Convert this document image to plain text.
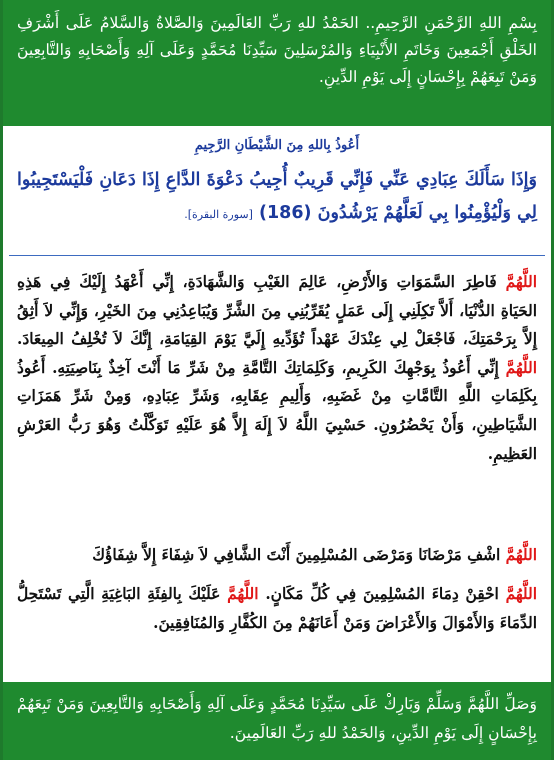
بِسْمِ اللهِ الرَّحْمَنِ الرَّحِيمِ.. الحَمْدُ للهِ رَبِّ العَالَمِينَ وَالصَّلاةُ وَالسَّلامُ عَلَى أَشْرَفِ الخَلْقِ أَجْمَعِينَ وَخَاتَمِ الأَنْبِيَاءِ وَالمُرْسَلِينَ سَيِّدِنَا مُحَمَّدٍ وَعَلَى آلِهِ وَأَصْحَابِهِ وَالتَّابِعِينَ وَمَنْ تَبِعَهُمْ بِإِحْسَانٍ إِلَى يَوْمِ الدِّينِ.
أَعُوذُ بِاللهِ مِنَ الشَّيْطَانِ الرَّجِيمِ
وَإِذَا سَأَلَكَ عِبَادِي عَنِّي فَإِنِّي قَرِيبٌ أُجِيبُ دَعْوَةَ الدَّاعِ إِذَا دَعَانِ فَلْيَسْتَجِيبُوا لِي وَلْيُؤْمِنُوا بِي لَعَلَّهُمْ يَرْشُدُونَ (186) [سورة البقرة].
اللَّهُمَّ فَاطِرَ السَّمَوَاتِ وَالأَرْضِ، عَالِمَ الغَيْبِ وَالشَّهَادَةِ، إِنِّي أَعْهَدُ إِلَيْكَ فِي هَذِهِ الحَيَاةِ الدُّنْيَا، أَلاَّ تَكِلَنِي إِلَى عَمَلٍ يُقَرِّبُنِي مِنَ الشَّرِّ وَيُبَاعِدُنِي مِنَ الخَيْرِ، وَإِنِّي لاَ أَثِقُ إِلاَّ بِرَحْمَتِكَ، فَاجْعَلْ لِي عِنْدَكَ عَهْداً تُؤَدِّيهِ إِلَيَّ يَوْمَ القِيَامَةِ، إِنَّكَ لاَ تُخْلِفُ المِيعَادَ. اللَّهُمَّ إِنِّي أَعُوذُ بِوَجْهِكَ الكَرِيمِ، وَكَلِمَاتِكَ التَّامَّةِ مِنْ شَرِّ مَا أَنْتَ آخِذٌ بِنَاصِيَتِهِ. أَعُوذُ بِكَلِمَاتِ اللَّهِ التَّامَّاتِ مِنْ غَضَبِهِ، وَأَلِيمِ عِقَابِهِ، وَشَرِّ عِبَادِهِ، وَمِنْ شَرِّ هَمَزَاتِ الشَّيَاطِينِ، وَأَنْ يَحْضُرُونِ. حَسْبِيَ اللَّهُ لاَ إِلَهَ إِلاَّ هُوَ عَلَيْهِ تَوَكَّلْتُ وَهُوَ رَبُّ العَرْشِ العَظِيمِ.
اللَّهُمَّ اشْفِ مَرْضَانَا وَمَرْضَى المُسْلِمِينَ أَنْتَ الشَّافِي لاَ شِفَاءَ إِلاَّ شِفَاؤُكَ
اللَّهُمَّ احْقِنْ دِمَاءَ المُسْلِمِينَ فِي كُلِّ مَكَانٍ. اللَّهُمَّ عَلَيْكَ بِالفِئَةِ البَاغِيَةِ الَّتِي تَسْتَحِلُّ الدِّمَاءَ وَالأَمْوَالَ وَالأَعْرَاضَ وَمَنْ أَعَانَهُمْ مِنَ الكُفَّارِ وَالمُنَافِقِينَ.
وَصَلِّ اللَّهُمَّ وَسَلِّمْ وَبَارِكْ عَلَى سَيِّدِنَا مُحَمَّدٍ وَعَلَى آلِهِ وَأَصْحَابِهِ وَالتَّابِعِينَ وَمَنْ تَبِعَهُمْ بِإِحْسَانٍ إِلَى يَوْمِ الدِّينِ، وَالحَمْدُ للهِ رَبِّ العَالَمِينَ.
